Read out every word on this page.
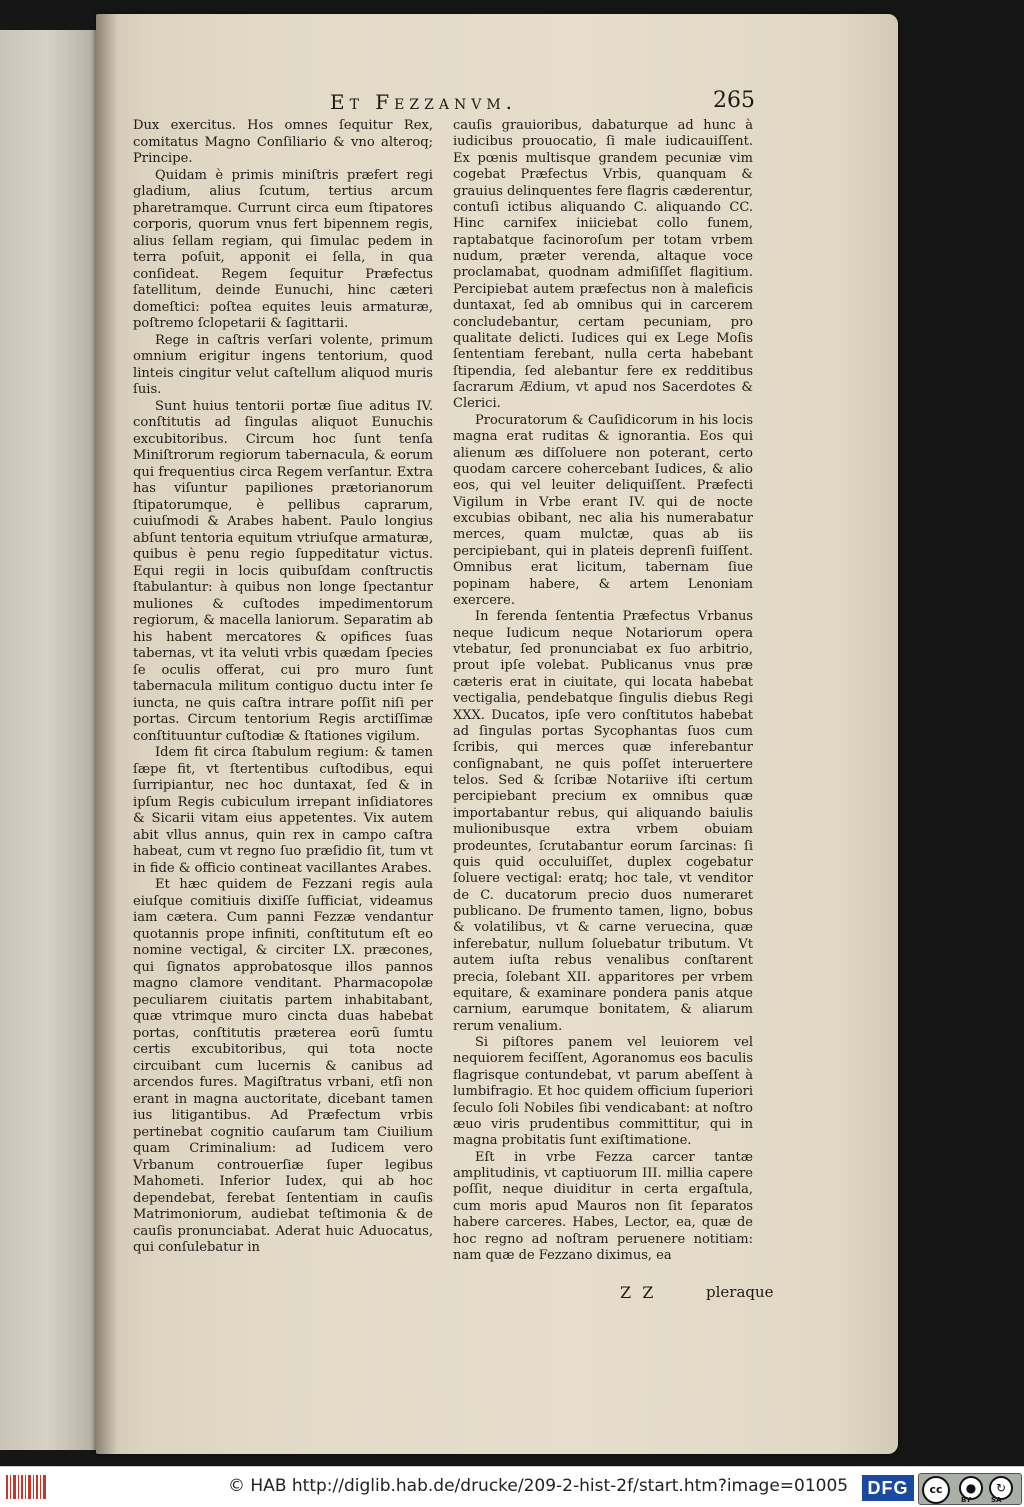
Et Fezzanvm.	265

Dux exercitus. Hos omnes ſequitur Rex, comitatus Magno Conſiliario & vno alteroq; Principe.

Quidam è primis miniſtris præfert regi gladium, alius ſcutum, tertius arcum pharetramque. Currunt circa eum ſtipatores corporis, quorum vnus fert bipennem regis, alius ſellam regiam, qui ſimulac pedem in terra poſuit, apponit ei ſella, in qua conſideat. Regem ſequitur Præfectus ſatellitum, deinde Eunuchi, hinc cæteri domeſtici: poſtea equites leuis armaturæ, poſtremo ſclopetarii & ſagittarii.

Rege in caſtris verſari volente, primum omnium erigitur ingens tentorium, quod linteis cingitur velut caſtellum aliquod muris ſuis.

Sunt huius tentorii portæ ſiue aditus IV. conſtitutis ad ſingulas aliquot Eunuchis excubitoribus. Circum hoc ſunt tenſa Miniſtrorum regiorum tabernacula, & eorum qui frequentius circa Regem verſantur. Extra has viſuntur papiliones prætorianorum ſtipatorumque, è pellibus caprarum, cuiuſmodi & Arabes habent. Paulo longius abſunt tentoria equitum vtriuſque armaturæ, quibus è penu regio ſuppeditatur victus. Equi regii in locis quibuſdam conſtructis ſtabulantur: à quibus non longe ſpectantur muliones & cuſtodes impedimentorum regiorum, & macella laniorum. Separatim ab his habent mercatores & opifices ſuas tabernas, vt ita veluti vrbis quædam ſpecies ſe oculis offerat, cui pro muro ſunt tabernacula militum contiguo ductu inter ſe iuncta, ne quis caſtra intrare poſſit niſi per portas. Circum tentorium Regis arctiſſimæ conſtituuntur cuſtodiæ & ſtationes vigilum.

Idem fit circa ſtabulum regium: & tamen ſæpe fit, vt ſtertentibus cuſtodibus, equi ſurripiantur, nec hoc duntaxat, ſed & in ipſum Regis cubiculum irrepant inſidiatores & Sicarii vitam eius appetentes. Vix autem abit vllus annus, quin rex in campo caſtra habeat, cum vt regno ſuo præſidio ſit, tum vt in fide & officio contineat vacillantes Arabes.

Et hæc quidem de Fezzani regis aula eiuſque comitiuis dixiſſe ſufficiat, videamus iam cætera. Cum panni Fezzæ vendantur quotannis prope infiniti, conſtitutum eſt eo nomine vectigal, & circiter LX. præcones, qui ſignatos approbatosque illos pannos magno clamore venditant. Pharmacopolæ peculiarem ciuitatis partem inhabitabant, quæ vtrimque muro cincta duas habebat portas, conſtitutis præterea eorũ ſumtu certis excubitoribus, qui tota nocte circuibant cum lucernis & canibus ad arcendos fures. Magiſtratus vrbani, etſi non erant in magna auctoritate, dicebant tamen ius litigantibus. Ad Præfectum vrbis pertinebat cognitio cauſarum tam Ciuilium quam Criminalium: ad Iudicem vero Vrbanum controuerſiæ ſuper legibus Mahometi. Inferior Iudex, qui ab hoc dependebat, ferebat ſententiam in cauſis Matrimoniorum, audiebat teſtimonia & de cauſis pronunciabat. Aderat huic Aduocatus, qui conſulebatur in

cauſis grauioribus, dabaturque ad hunc à iudicibus prouocatio, ſi male iudicauiſſent. Ex pœnis multisque grandem pecuniæ vim cogebat Præfectus Vrbis, quanquam & grauius delinquentes fere flagris cæderentur, contuſi ictibus aliquando C. aliquando CC. Hinc carnifex iniiciebat collo funem, raptabatque facinoroſum per totam vrbem nudum, præter verenda, altaque voce proclamabat, quodnam admiſiſſet flagitium. Percipiebat autem præfectus non à maleficis duntaxat, ſed ab omnibus qui in carcerem concludebantur, certam pecuniam, pro qualitate delicti. Iudices qui ex Lege Moſis ſententiam ferebant, nulla certa habebant ſtipendia, ſed alebantur fere ex redditibus ſacrarum Ædium, vt apud nos Sacerdotes & Clerici.

Procuratorum & Cauſidicorum in his locis magna erat ruditas & ignorantia. Eos qui alienum æs diſſoluere non poterant, certo quodam carcere cohercebant Iudices, & alio eos, qui vel leuiter deliquiſſent. Præfecti Vigilum in Vrbe erant IV. qui de nocte excubias obibant, nec alia his numerabatur merces, quam mulctæ, quas ab iis percipiebant, qui in plateis deprenſi fuiſſent. Omnibus erat licitum, tabernam ſiue popinam habere, & artem Lenoniam exercere.

In ferenda ſententia Præfectus Vrbanus neque Iudicum neque Notariorum opera vtebatur, ſed pronunciabat ex ſuo arbitrio, prout ipſe volebat. Publicanus vnus præ cæteris erat in ciuitate, qui locata habebat vectigalia, pendebatque ſingulis diebus Regi XXX. Ducatos, ipſe vero conſtitutos habebat ad ſingulas portas Sycophantas ſuos cum ſcribis, qui merces quæ inferebantur conſignabant, ne quis poſſet interuertere telos. Sed & ſcribæ Notariive iſti certum percipiebant precium ex omnibus quæ importabantur rebus, qui aliquando baiulis mulionibusque extra vrbem obuiam prodeuntes, ſcrutabantur eorum ſarcinas: ſi quis quid occuluiſſet, duplex cogebatur ſoluere vectigal: eratq; hoc tale, vt venditor de C. ducatorum precio duos numeraret publicano. De frumento tamen, ligno, bobus & volatilibus, vt & carne veruecina, quæ inferebatur, nullum ſoluebatur tributum. Vt autem iuſta rebus venalibus conſtarent precia, ſolebant XII. apparitores per vrbem equitare, & examinare pondera panis atque carnium, earumque bonitatem, & aliarum rerum venalium.

Si piſtores panem vel leuiorem vel nequiorem feciſſent, Agoranomus eos baculis flagrisque contundebat, vt parum abeſſent à lumbifragio. Et hoc quidem officium ſuperiori ſeculo ſoli Nobiles ſibi vendicabant: at noſtro æuo viris prudentibus committitur, qui in magna probitatis ſunt exiſtimatione.

Eſt in vrbe Fezza carcer tantæ amplitudinis, vt captiuorum III. millia capere poſſit, neque diuiditur in certa ergaſtula, cum moris apud Mauros non ſit ſeparatos habere carceres. Habes, Lector, ea, quæ de hoc regno ad noſtram peruenere notitiam: nam quæ de Fezzano diximus, ea

Z Z	pleraque
© HAB http://diglib.hab.de/drucke/209-2-hist-2f/start.htm?image=01005	DFG	cc	●	↻
BY	SA
